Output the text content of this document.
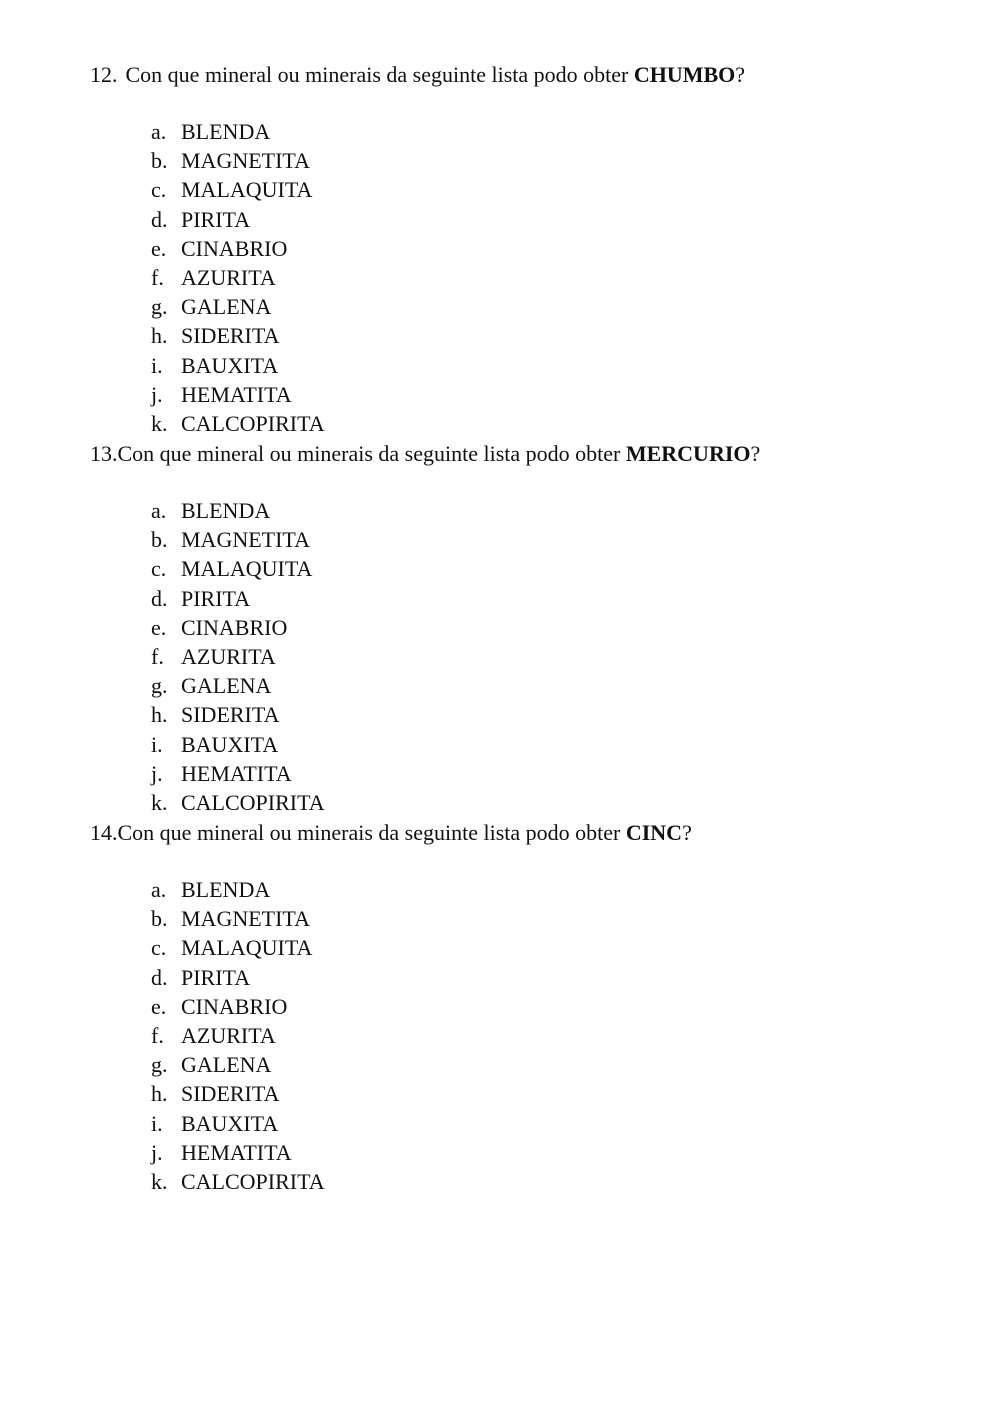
12. Con que mineral ou minerais da seguinte lista podo obter CHUMBO?
a. BLENDA
b. MAGNETITA
c. MALAQUITA
d. PIRITA
e. CINABRIO
f. AZURITA
g. GALENA
h. SIDERITA
i. BAUXITA
j. HEMATITA
k. CALCOPIRITA
13.Con que mineral ou minerais da seguinte lista podo obter MERCURIO?
a. BLENDA
b. MAGNETITA
c. MALAQUITA
d. PIRITA
e. CINABRIO
f. AZURITA
g. GALENA
h. SIDERITA
i. BAUXITA
j. HEMATITA
k. CALCOPIRITA
14.Con que mineral ou minerais da seguinte lista podo obter CINC?
a. BLENDA
b. MAGNETITA
c. MALAQUITA
d. PIRITA
e. CINABRIO
f. AZURITA
g. GALENA
h. SIDERITA
i. BAUXITA
j. HEMATITA
k. CALCOPIRITA
